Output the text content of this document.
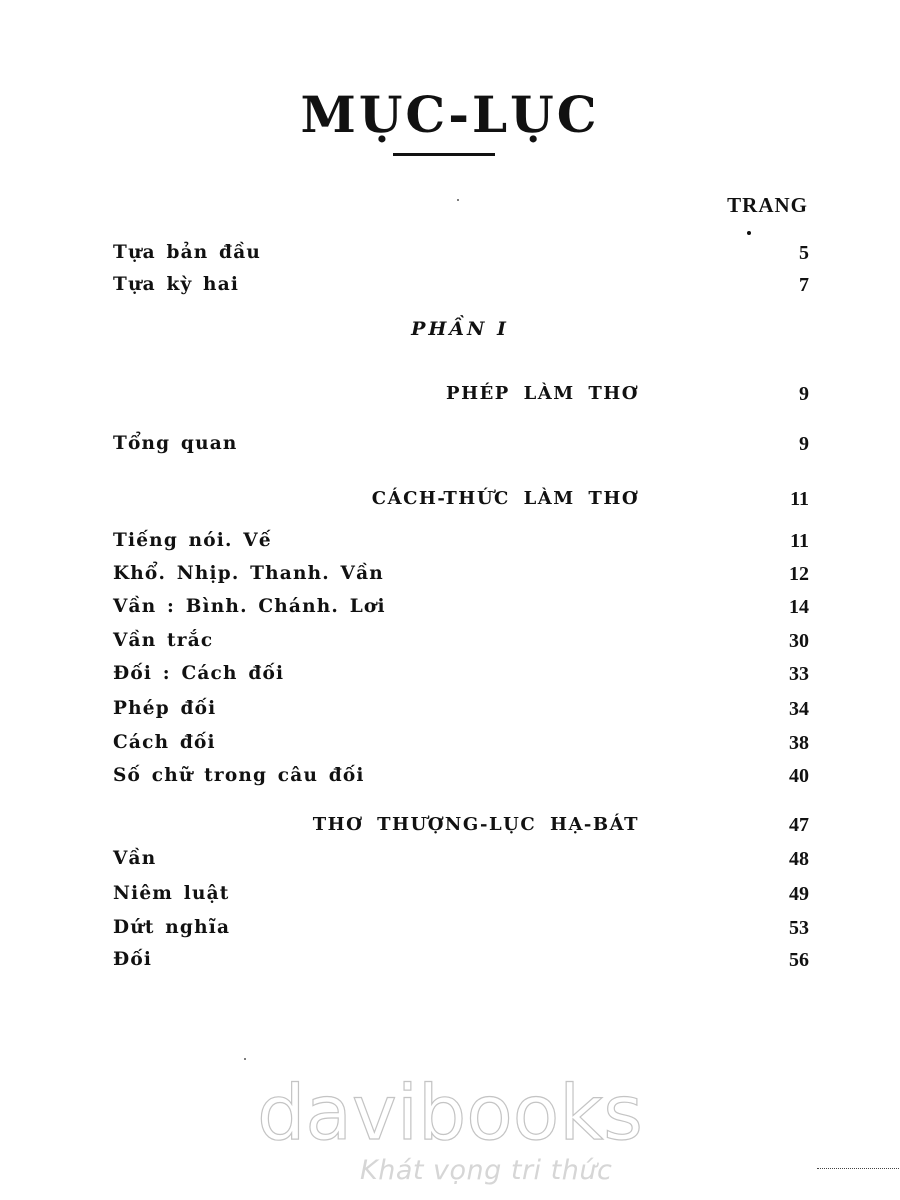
MỤC-LỤC
TRANG
Tựa bản đầu	5
Tựa kỳ hai	7
PHẦN I
PHÉP LÀM THƠ	9
Tổng quan	9
CÁCH-THỨC LÀM THƠ	11
Tiếng nói. Vế	11
Khổ. Nhịp. Thanh. Vần	12
Vần : Bình. Chánh. Lơi	14
Vần trắc	30
Đối : Cách đối	33
Phép đối	34
Cách đối	38
Số chữ trong câu đối	40
THƠ THƯỢNG-LỤC HẠ-BÁT	47
Vần	48
Niêm luật	49
Dứt nghĩa	53
Đối	56
davibooks
Khát vọng tri thức
